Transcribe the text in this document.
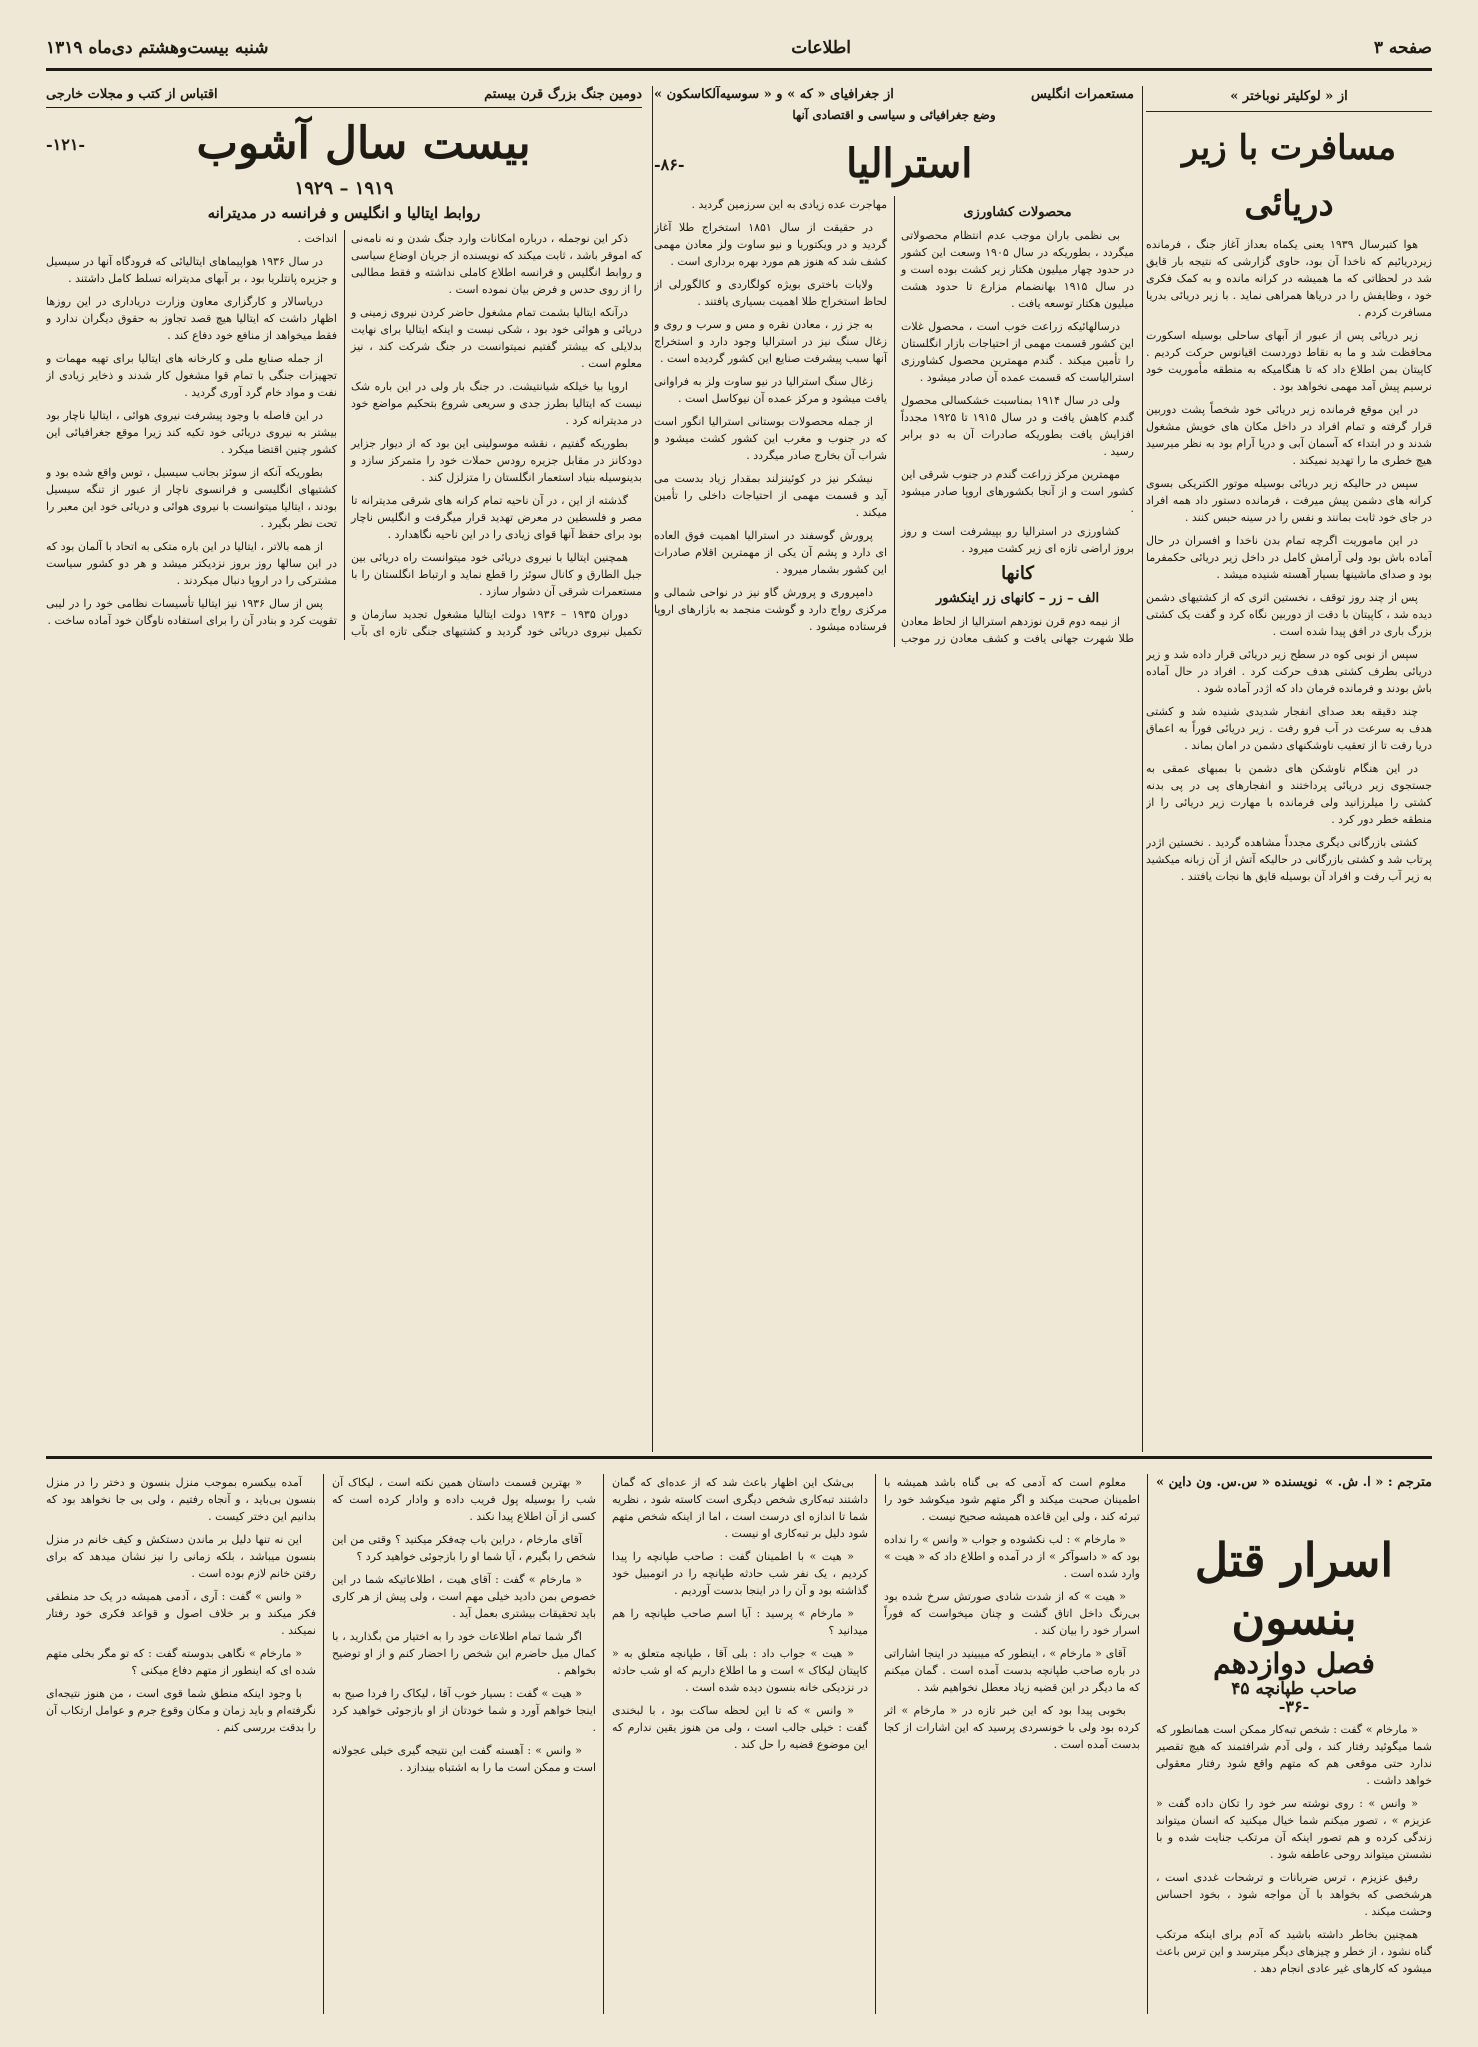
صفحه ۳
اطلاعات
شنبه بیست‌وهشتم دی‌ماه ۱۳۱۹
از « لوکلیتر نوباختر »
مسافرت با زیر دریائی

هوا کتبرسال ۱۹۳۹ یعنی یکماه بعداز آغاز جنگ ، فرمانده زیردریائیم که ناخدا آن بود، حاوی گزارشی که نتیجه بار قایق شد در لحظاتی که ما همیشه در کرانه مانده و به کمک فکری خود ، وظایفش را در دریاها همراهی نماید . با زیر دریائی بدریا مسافرت کردم .

زیر دریائی پس از عبور از آبهای ساحلی بوسیله اسکورت محافظت شد و ما به نقاط دوردست اقیانوس حرکت کردیم . کاپیتان بمن اطلاع داد که تا هنگامیکه به منطقه مأموریت خود نرسیم پیش آمد مهمی نخواهد بود .

در این موقع فرمانده زیر دریائی خود شخصاً پشت دوربین قرار گرفته و تمام افراد در داخل مکان های خویش مشغول شدند و در ابتداء که آسمان آبی و دریا آرام بود به نظر میرسید هیچ خطری ما را تهدید نمیکند .

سپس در حالیکه زیر دریائی بوسیله موتور الکتریکی بسوی کرانه های دشمن پیش میرفت ، فرمانده دستور داد همه افراد در جای خود ثابت بمانند و نفس را در سینه حبس کنند .

در این ماموریت اگرچه تمام بدن ناخدا و افسران در حال آماده باش بود ولی آرامش کامل در داخل زیر دریائی حکمفرما بود و صدای ماشینها بسیار آهسته شنیده میشد .

پس از چند روز توقف ، نخستین اثری که از کشتیهای دشمن دیده شد ، کاپیتان با دقت از دوربین نگاه کرد و گفت یک کشتی بزرگ باری در افق پیدا شده است .

سپس از نوبی کوه در سطح زیر دریائی قرار داده شد و زیر دریائی بطرف کشتی هدف حرکت کرد . افراد در حال آماده باش بودند و فرمانده فرمان داد که اژدر آماده شود .

چند دقیقه بعد صدای انفجار شدیدی شنیده شد و کشتی هدف به سرعت در آب فرو رفت . زیر دریائی فوراً به اعماق دریا رفت تا از تعقیب ناوشکنهای دشمن در امان بماند .

در این هنگام ناوشکن های دشمن با بمبهای عمقی به جستجوی زیر دریائی پرداختند و انفجارهای پی در پی بدنه کشتی را میلرزانید ولی فرمانده با مهارت زیر دریائی را از منطقه خطر دور کرد .

کشتی بازرگانی دیگری مجدداً مشاهده گردید . نخستین اژدر پرتاب شد و کشتی بازرگانی در حالیکه آتش از آن زبانه میکشید به زیر آب رفت و افراد آن بوسیله قایق ها نجات یافتند .

مستعمرات انگلیس
از جغرافیای « که » و « سوسیه‌آلکاسکون »
وضع جغرافیائی و سیاسی و اقتصادی آنها
استرالیا
-۸۶-
محصولات کشاورزی

بی نظمی باران موجب عدم انتظام محصولاتی میگردد ، بطوریکه در سال ۱۹۰۵ وسعت این کشور در حدود چهار میلیون هکتار زیر کشت بوده است و در سال ۱۹۱۵ بهانضمام مزارع تا حدود هشت میلیون هکتار توسعه یافت .

درسالهائیکه زراعت خوب است ، محصول غلات این کشور قسمت مهمی از احتیاجات بازار انگلستان را تأمین میکند . گندم مهمترین محصول کشاورزی استرالیاست که قسمت عمده آن صادر میشود .

ولی در سال ۱۹۱۴ بمناسبت خشکسالی محصول گندم کاهش یافت و در سال ۱۹۱۵ تا ۱۹۲۵ مجدداً افزایش یافت بطوریکه صادرات آن به دو برابر رسید .

مهمترین مرکز زراعت گندم در جنوب شرقی این کشور است و از آنجا بکشورهای اروپا صادر میشود .

کشاورزی در استرالیا رو بپیشرفت است و روز بروز اراضی تازه ای زیر کشت میرود .

کانها
الف – زر – کانهای زر اینکشور

از نیمه دوم قرن نوزدهم استرالیا از لحاظ معادن طلا شهرت جهانی یافت و کشف معادن زر موجب مهاجرت عده زیادی به این سرزمین گردید .

در حقیقت از سال ۱۸۵۱ استخراج طلا آغاز گردید و در ویکتوریا و نیو ساوت ولز معادن مهمی کشف شد که هنوز هم مورد بهره برداری است .

ولایات باختری بویژه کولگاردی و کالگورلی از لحاظ استخراج طلا اهمیت بسیاری یافتند .

به جز زر ، معادن نقره و مس و سرب و روی و زغال سنگ نیز در استرالیا وجود دارد و استخراج آنها سبب پیشرفت صنایع این کشور گردیده است .

زغال سنگ استرالیا در نیو ساوت ولز به فراوانی یافت میشود و مرکز عمده آن نیوکاسل است .

از جمله محصولات بوستانی استرالیا انگور است که در جنوب و مغرب این کشور کشت میشود و شراب آن بخارج صادر میگردد .

نیشکر نیز در کوئینزلند بمقدار زیاد بدست می آید و قسمت مهمی از احتیاجات داخلی را تأمین میکند .

پرورش گوسفند در استرالیا اهمیت فوق العاده ای دارد و پشم آن یکی از مهمترین اقلام صادرات این کشور بشمار میرود .

دامپروری و پرورش گاو نیز در نواحی شمالی و مرکزی رواج دارد و گوشت منجمد به بازارهای اروپا فرستاده میشود .

دومین جنگ بزرگ قرن بیستم
اقتباس از کتب و مجلات خارجی
بیست سال آشوب
-۱۲۱-
۱۹۱۹ – ۱۹۲۹
روابط ایتالیا و انگلیس و فرانسه در مدیترانه

ذکر این نوجمله ، درباره امکانات وارد جنگ شدن و نه نامه‌نی که اموقر باشد ، ثابت میکند که نویسنده از جریان اوضاع سیاسی و روابط انگلیس و فرانسه اطلاع کاملی نداشته و فقط مطالبی را از روی حدس و فرض بیان نموده است .

درآنکه ایتالیا بشمت تمام مشغول حاضر کردن نیروی زمینی و دریائی و هوائی خود بود ، شکی نیست و اینکه ایتالیا برای نهایت بدلایلی که بیشتر گفتیم نمیتوانست در جنگ شرکت کند ، نیز معلوم است .

اروپا بیا خیلکه شیانتیشت. در جنگ بار ولی در این باره شک نیست که ایتالیا بطرز جدی و سریعی شروع بتحکیم مواضع خود در مدیترانه کرد .

بطوریکه گفتیم ، نقشه موسولینی این بود که از دیوار جزایر دودکانز در مقابل جزیره رودس حملات خود را متمرکز سازد و بدینوسیله بنیاد استعمار انگلستان را متزلزل کند .

گذشته از این ، در آن ناحیه تمام کرانه های شرقی مدیترانه تا مصر و فلسطین در معرض تهدید قرار میگرفت و انگلیس ناچار بود برای حفظ آنها قوای زیادی را در این ناحیه نگاهدارد .

همچنین ایتالیا با نیروی دریائی خود میتوانست راه دریائی بین جبل الطارق و کانال سوئز را قطع نماید و ارتباط انگلستان را با مستعمرات شرقی آن دشوار سازد .

دوران ۱۹۳۵ – ۱۹۳۶ دولت ایتالیا مشغول تجدید سازمان و تکمیل نیروی دریائی خود گردید و کشتیهای جنگی تازه ای بآب انداخت .

در سال ۱۹۳۶ هواپیماهای ایتالیائی که فرودگاه آنها در سیسیل و جزیره پانتلریا بود ، بر آبهای مدیترانه تسلط کامل داشتند .

دریاسالار و کارگزاری معاون وزارت دریاداری در این روزها اظهار داشت که ایتالیا هیچ قصد تجاوز به حقوق دیگران ندارد و فقط میخواهد از منافع خود دفاع کند .

از جمله صنایع ملی و کارخانه های ایتالیا برای تهیه مهمات و تجهیزات جنگی با تمام قوا مشغول کار شدند و ذخایر زیادی از نفت و مواد خام گرد آوری گردید .

در این فاصله با وجود پیشرفت نیروی هوائی ، ایتالیا ناچار بود بیشتر به نیروی دریائی خود تکیه کند زیرا موقع جغرافیائی این کشور چنین اقتضا میکرد .

بطوریکه آنکه از سوئز بجانب سیسیل ، توس واقع شده بود و کشتیهای انگلیسی و فرانسوی ناچار از عبور از تنگه سیسیل بودند ، ایتالیا میتوانست با نیروی هوائی و دریائی خود این معبر را تحت نظر بگیرد .

از همه بالاتر ، ایتالیا در این باره متکی به اتحاد با آلمان بود که در این سالها روز بروز نزدیکتر میشد و هر دو کشور سیاست مشترکی را در اروپا دنبال میکردند .

پس از سال ۱۹۳۶ نیز ایتالیا تأسیسات نظامی خود را در لیبی تقویت کرد و بنادر آن را برای استفاده ناوگان خود آماده ساخت .

مترجم : « ا. ش. »
نویسنده « س.س. ون داین »
اسرار قتل بنسون
فصل دوازدهم
صاحب طپانچه ۴۵
-۳۶-

« مارخام » گفت : شخص تبه‌کار ممکن است همانطور که شما میگوئید رفتار کند ، ولی آدم شرافتمند که هیچ تقصیر ندارد حتی موقعی هم که متهم واقع شود رفتار معقولی خواهد داشت .

« وانس » : روی نوشته سر خود را تکان داده گفت « عزیزم » ، تصور میکنم شما خیال میکنید که انسان میتواند زندگی کرده و هم تصور اینکه آن مرتکب جنایت شده و با نشستن میتواند روحی عاطفه شود .

رفیق عزیزم ، ترس ضربانات و ترشحات غددی است ، هرشخصی که بخواهد با آن مواجه شود ، بخود احساس وحشت میکند .

همچنین بخاطر داشته باشید که آدم برای اینکه مرتکب گناه نشود ، از خطر و چیزهای دیگر میترسد و این ترس باعث میشود که کارهای غیر عادی انجام دهد .

معلوم است که آدمی که بی گناه باشد همیشه با اطمینان صحبت میکند و اگر متهم شود میکوشد خود را تبرئه کند ، ولی این قاعده همیشه صحیح نیست .

« مارخام » : لب نکشوده و جواب « وانس » را نداده بود که « داسوآکر » از در آمده و اطلاع داد که « هیت » وارد شده است .

« هیت » که از شدت شادی صورتش سرخ شده بود بی‌رنگ داخل اتاق گشت و چنان میخواست که فوراً اسرار خود را بیان کند .

آقای « مارخام » ، اینطور که میبینید در اینجا اشاراتی در باره صاحب طپانچه بدست آمده است . گمان میکنم که ما دیگر در این قضیه زیاد معطل نخواهیم شد .

بخوبی پیدا بود که این خبر تازه در « مارخام » اثر کرده بود ولی با خونسردی پرسید که این اشارات از کجا بدست آمده است .

بی‌شک این اظهار باعث شد که از عده‌ای که گمان داشتند تبه‌کاری شخص دیگری است کاسته شود ، نظریه شما تا اندازه ای درست است ، اما از اینکه شخص متهم شود دلیل بر تبه‌کاری او نیست .

« هیت » با اطمینان گفت : صاحب طپانچه را پیدا کردیم ، یک نفر شب حادثه طپانچه را در اتومبیل خود گذاشته بود و آن را در اینجا بدست آوردیم .

« مارخام » پرسید : آیا اسم صاحب طپانچه را هم میدانید ؟

« هیت » جواب داد : بلی آقا ، طپانچه متعلق به « کاپیتان لیکاک » است و ما اطلاع داریم که او شب حادثه در نزدیکی خانه بنسون دیده شده است .

« وانس » که تا این لحظه ساکت بود ، با لبخندی گفت : خیلی جالب است ، ولی من هنوز یقین ندارم که این موضوع قضیه را حل کند .

« بهترین قسمت داستان همین نکته است ، لیکاک آن شب را بوسیله پول فریب داده و وادار کرده است که کسی از آن اطلاع پیدا نکند .

آقای مارخام ، دراین باب چه‌فکر میکنید ؟ وقتی من این شخص را بگیرم ، آیا شما او را بازجوئی خواهید کرد ؟

« مارخام » گفت : آقای هیت ، اطلاعاتیکه شما در این خصوص بمن دادید خیلی مهم است ، ولی پیش از هر کاری باید تحقیقات بیشتری بعمل آید .

اگر شما تمام اطلاعات خود را به اختیار من بگذارید ، با کمال میل حاضرم این شخص را احضار کنم و از او توضیح بخواهم .

« هیت » گفت : بسیار خوب آقا ، لیکاک را فردا صبح به اینجا خواهم آورد و شما خودتان از او بازجوئی خواهید کرد .

« وانس » : آهسته گفت این نتیجه گیری خیلی عجولانه است و ممکن است ما را به اشتباه بیندازد .

آمده بیکسره بموجب منزل بنسون و دختر را در منزل بنسون بی‌باید ، و آنجاه رفتیم ، ولی بی جا نخواهد بود که بدانیم این دختر کیست .

این نه تنها دلیل بر ماندن دستکش و کیف خانم در منزل بنسون میباشد ، بلکه زمانی را نیز نشان میدهد که برای رفتن خانم لازم بوده است .

« وانس » گفت : آری ، آدمی همیشه در یک حد منطقی فکر میکند و بر خلاف اصول و قواعد فکری خود رفتار نمیکند .

« مارخام » نگاهی بدوسته گفت : که تو مگر بخلی متهم شده ای که اینطور از متهم دفاع میکنی ؟

با وجود اینکه منطق شما قوی است ، من هنوز نتیجه‌ای نگرفته‌ام و باید زمان و مکان وقوع جرم و عوامل ارتکاب آن را بدقت بررسی کنم .
